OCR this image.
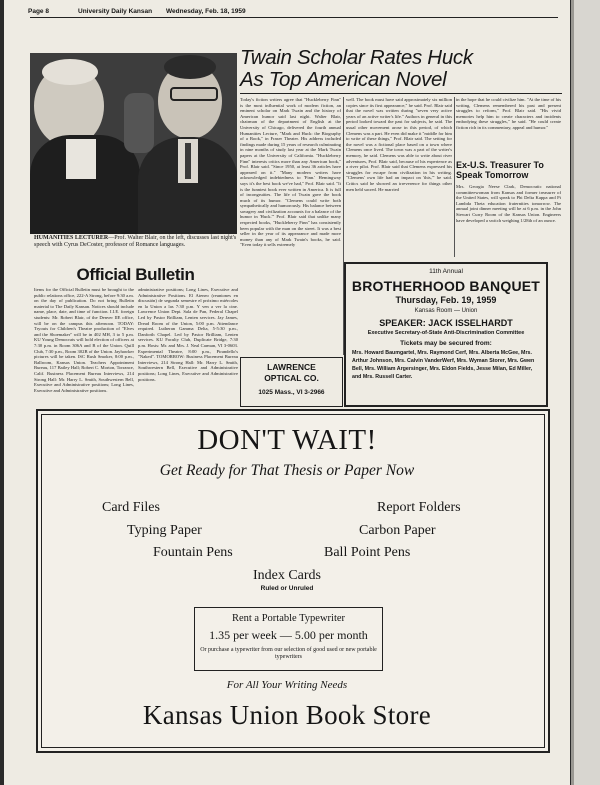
Page 8	University Daily Kansan Wednesday, Feb. 18, 1959
HUMANITIES LECTURER—Prof. Walter Blair, on the left, discusses last night's speech with Cyrus DeCoster, professor of Romance languages.
Official Bulletin
Items for the Official Bulletin must be brought to the public relations office, 222-A Strong, before 9:30 a.m. on the day of publication. Do not bring Bulletin material to The Daily Kansan. Notices should include name, place, date, and time of function. I.I.E. foreign students: Mr. Robert Blair, of the Denver IIE office, will be on the campus this afternoon. TODAY: Tryouts for Children's Theatre production of "Elves and the Shoemaker" will be in 402 MH, 3 to 5 p.m. KU Young Democrats will hold election of officers at 7:30 p.m. in Room 306A and B of the Union. Quill Club, 7:30 p.m., Room 302B of the Union. Jayhawker pictures will be taken. ISC Rush Smoker, 8:00 p.m., Ballroom, Kansas Union. Teachers Appointment Bureau, 117 Bailey Hall; Robert C. Morton, Torrance, Calif. Business Placement Bureau Interviews, 214 Strong Hall: Mr. Harry L. Smith, Southwestern Bell, Executive and Administrative positions; Long Lines, Executive and Administrative positions.
administrative positions; Long Lines, Executive and Administrative Positions. El Ateneo (reuniones en discusión) de segunda semestre el próximo miércoles en la Union a las 7:30 p.m. Y ven a ver la cine. Lawrence Union Dept. Sala de Pan, Federal Chapel Led by Pastor Brilliam, Lenten services. Jay James, Dread Room of the Union, 5:00 p.m. Attendance required. Lutheran Gamma Delta, 5-5:30 p.m., Danforth Chapel. Led by Pastor Brilliam, Lenten services. KU Faculty Club, Duplicate Bridge, 7:30 p.m. Hosts: Mr. and Mrs. J. Neal Carman, VI 3-0603. Experimental Theatre, 8:00 p.m., Pirandello's "Naked". TOMORROW: Business Placement Bureau Interviews, 214 Strong Hall: Mr. Harry L. Smith, Southwestern Bell, Executive and Administrative positions; Long Lines, Executive and Administrative positions.
Twain Scholar Rates Huck
As Top American Novel
Today's fiction writers agree that "Huckleberry Finn" is the most influential work of modern fiction, an eminent scholar on Mark Twain and the history of American humor said last night. Walter Blair, chairman of the department of English at the University of Chicago, delivered the fourth annual Humanities Lecture, "Mark and Huck: the Biography of a Book," in Fraser Theater. His address included findings made during 15 years of research culminating in nine months of study last year at the Mark Twain papers at the University of California. "Huckleberry Finn" interests critics more than any American book," Prof. Blair said. "Since 1950, at least 36 articles have appeared on it." "Many modern writers have acknowledged indebtedness to 'Finn.' Hemingway says it's the best book we've had," Prof. Blair said. "It is the funniest book ever written in America. It is full of incongruities. The life of Twain gave the book much of its humor. "Clemens could write both sympathetically and humorously. His balance between savagery and civilization accounts for a balance of the humor in 'Huck.'" Prof. Blair said that unlike many respected books, "Huckleberry Finn" has consistently been popular with the man on the street. It was a best seller in the year of its appearance and made more money than any of Mark Twain's books, he said. "Even today it sells extremely
well. The book must have said approximately six million copies since its first appearance," he said. Prof. Blair said that the novel was written during "seven very active years of an active writer's life." Authors in general in this period looked toward the past for subjects, he said. The usual other movement arose in this period, of which Clemens was a part. He even did make it "middle for him to write of these things," Prof. Blair said. The setting for the novel was a fictional place based on a town where Clemens once lived. The town was a part of the writer's memory, he said. Clemens was able to write about river adventures, Prof. Blair said, because of his experience as a river pilot. Prof. Blair said that Clemens expressed his struggles for escape from civilization in his writing. "Clemens' own life had an impact on 'this,'" he said. Critics said he showed an irreverence for things other men held sacred. He married
in the hope that he could civilize him. "At the time of his writing, Clemens remembered his past and present struggles to reform," Prof. Blair said. "His vivid memories help him to create characters and incidents embodying these struggles," he said. "He could create fiction rich in its commentary, appeal and humor."
Ex-U.S. Treasurer To Speak Tomorrow
Mrs. Georgia Neese Clark, Democratic national committeewoman from Kansas and former treasurer of the United States, will speak to Phi Delta Kappa and Pi Lambda Theta education fraternities tomorrow. The annual joint dinner meeting will be at 6 p.m. in the John Stewart Curry Room of the Kansas Union. Engineers have developed a switch weighing 1/28th of an ounce.
LAWRENCE
OPTICAL CO.
1025 Mass., VI 3-2966
11th Annual
BROTHERHOOD BANQUET
Thursday, Feb. 19, 1959
Kansas Room — Union
SPEAKER: JACK ISSELHARDT
Executive Secretary-of-State Anti-Discrimination Committee
Tickets may be secured from:
Mrs. Howard Baumgartel, Mrs. Raymond Cerf, Mrs. Alberta McGee, Mrs. Arthur Johnson, Mrs. Calvin VanderWerf, Mrs. Wyman Storer, Mrs. Gwen Bell, Mrs. William Argersinger, Mrs. Eldon Fields, Jesse Milan, Ed Miller, and Mrs. Russell Carter.
DON'T WAIT!
Get Ready for That Thesis or Paper Now
Card Files	Report Folders
Typing Paper	Carbon Paper
Fountain Pens	Ball Point Pens
Index Cards
Ruled or Unruled
Rent a Portable Typewriter
1.35 per week — 5.00 per month
Or purchase a typewriter from our selection of good used or new portable typewriters
For All Your Writing Needs
Kansas Union Book Store
